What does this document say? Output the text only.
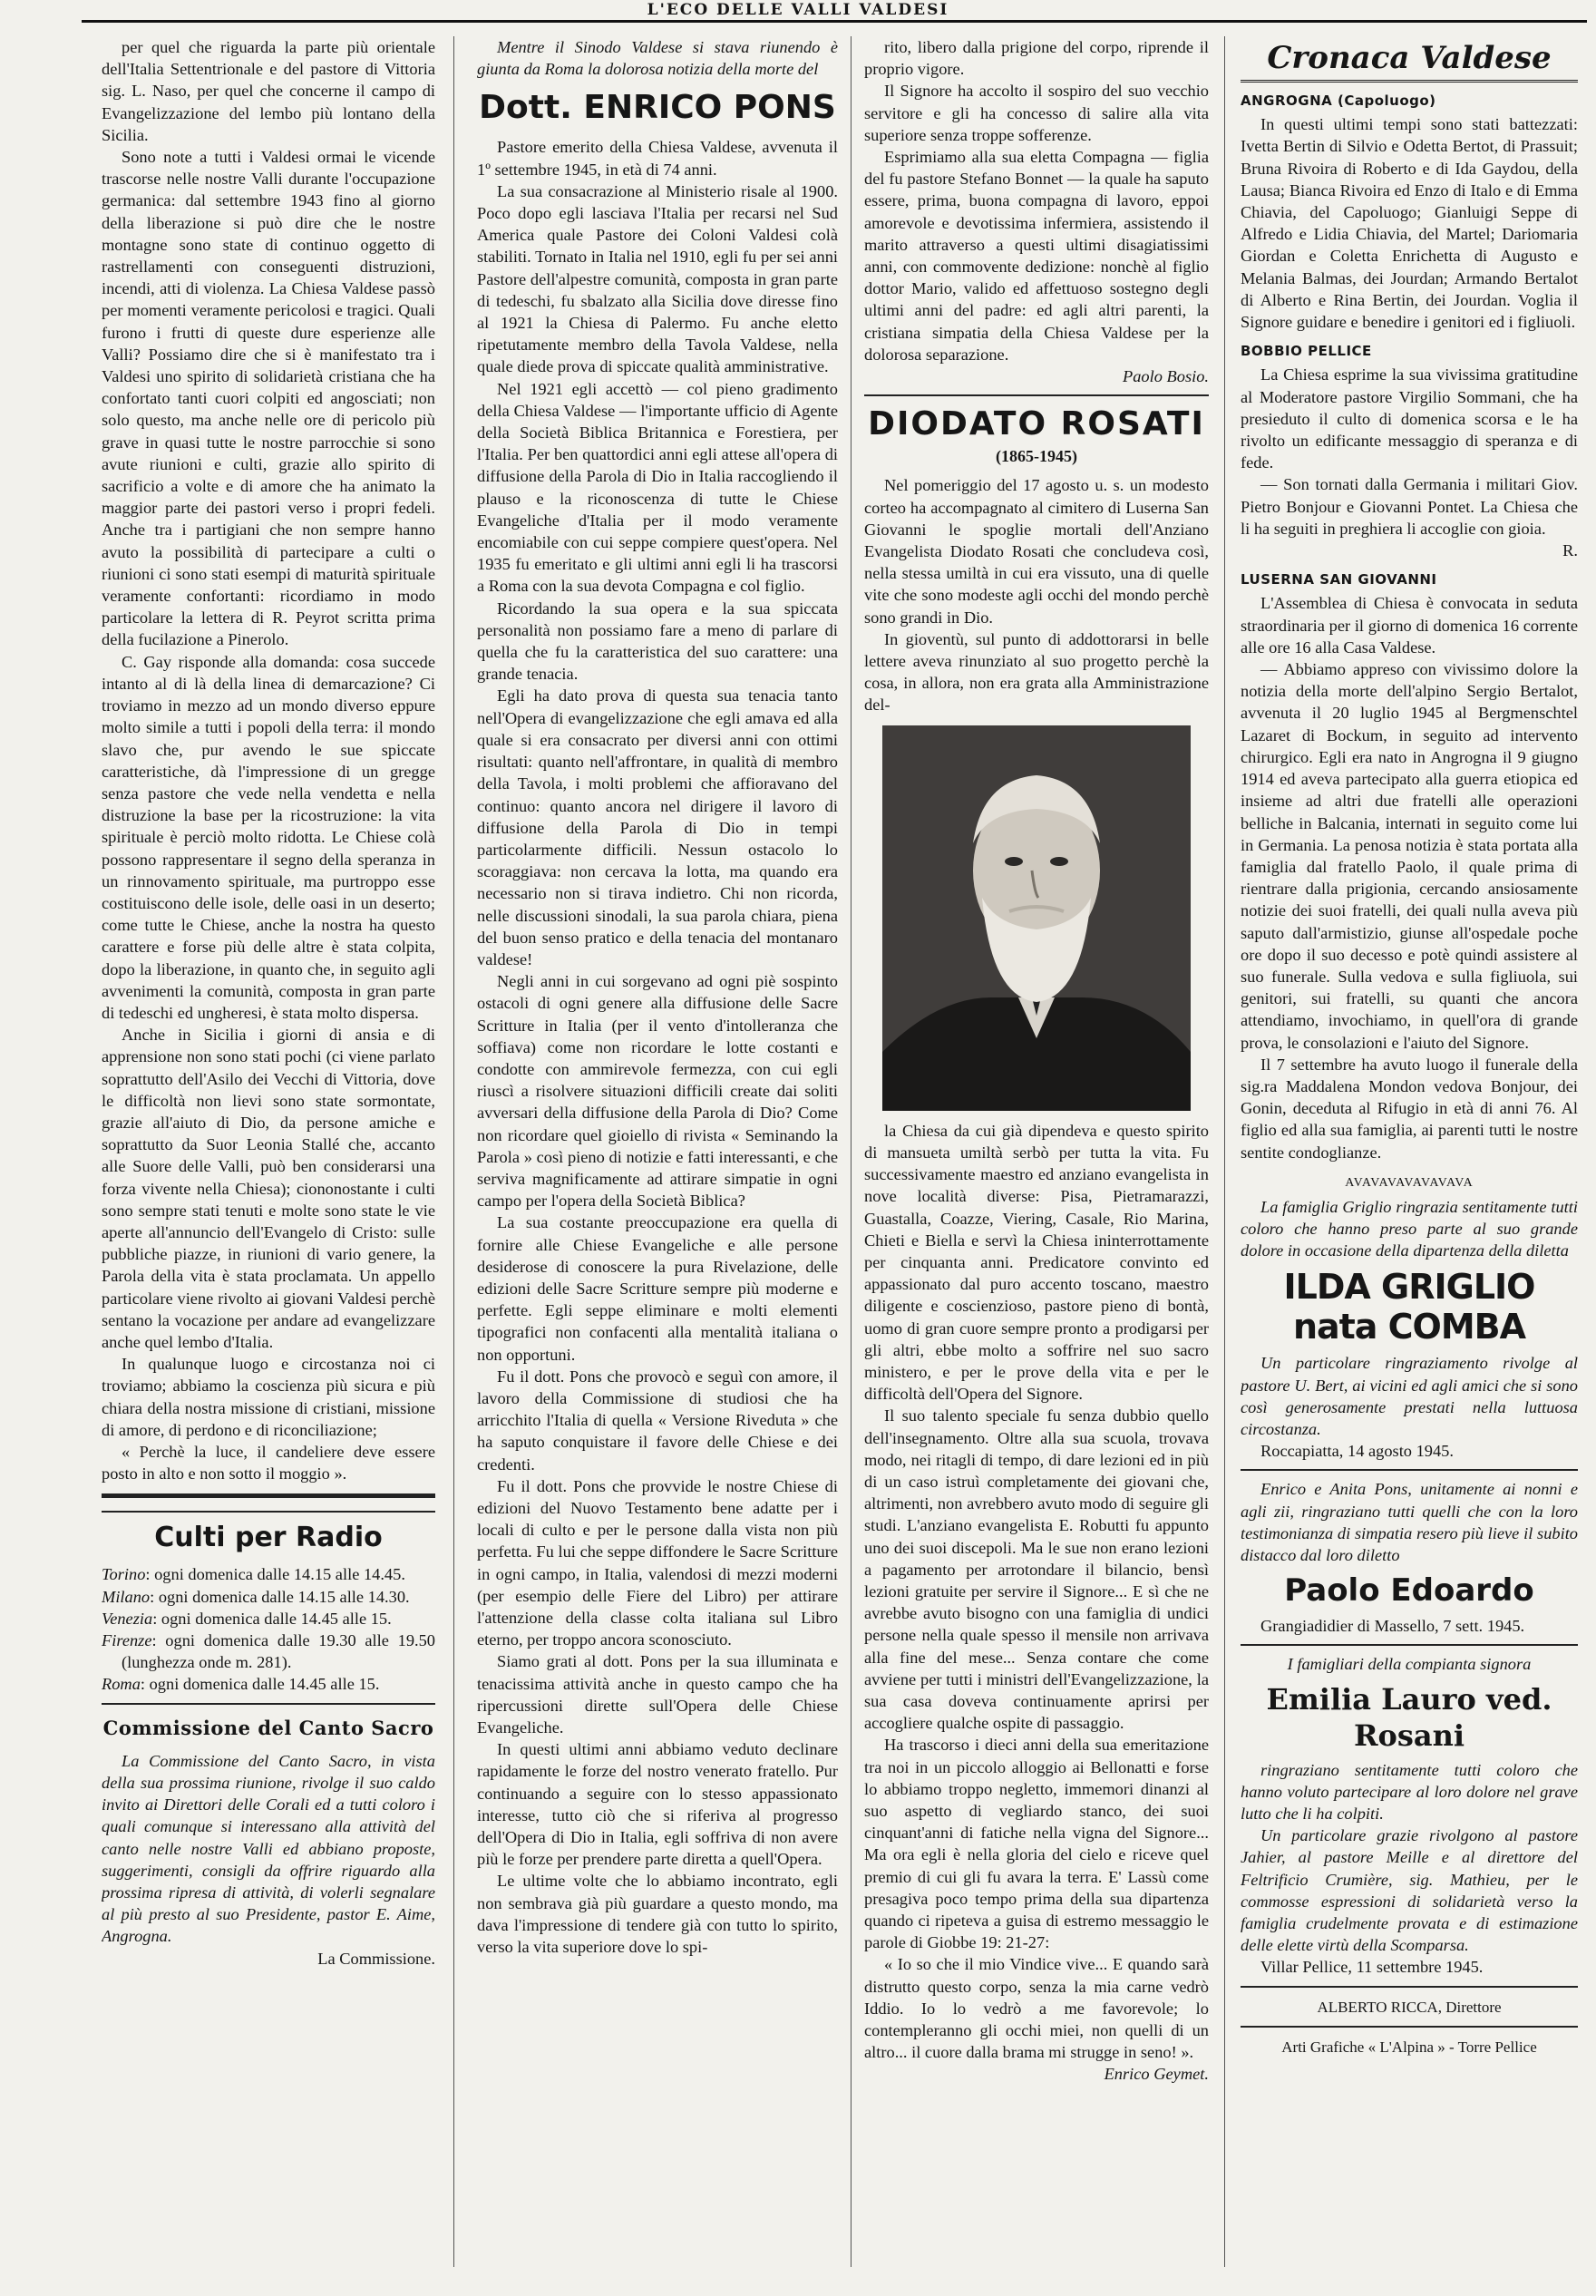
L'ECO DELLE VALLI VALDESI

per quel che riguarda la parte più orientale dell'Italia Settentrionale e del pastore di Vittoria sig. L. Naso, per quel che concerne il campo di Evangelizzazione del lembo più lontano della Sicilia.

Sono note a tutti i Valdesi ormai le vicende trascorse nelle nostre Valli durante l'occupazione germanica: dal settembre 1943 fino al giorno della liberazione si può dire che le nostre montagne sono state di continuo oggetto di rastrellamenti con conseguenti distruzioni, incendi, atti di violenza. La Chiesa Valdese passò per momenti veramente pericolosi e tragici. Quali furono i frutti di queste dure esperienze alle Valli? Possiamo dire che si è manifestato tra i Valdesi uno spirito di solidarietà cristiana che ha confortato tanti cuori colpiti ed angosciati; non solo questo, ma anche nelle ore di pericolo più grave in quasi tutte le nostre parrocchie si sono avute riunioni e culti, grazie allo spirito di sacrificio a volte e di amore che ha animato la maggior parte dei pastori verso i propri fedeli. Anche tra i partigiani che non sempre hanno avuto la possibilità di partecipare a culti o riunioni ci sono stati esempi di maturità spirituale veramente confortanti: ricordiamo in modo particolare la lettera di R. Peyrot scritta prima della fucilazione a Pinerolo.

C. Gay risponde alla domanda: cosa succede intanto al di là della linea di demarcazione? Ci troviamo in mezzo ad un mondo diverso eppure molto simile a tutti i popoli della terra: il mondo slavo che, pur avendo le sue spiccate caratteristiche, dà l'impressione di un gregge senza pastore che vede nella vendetta e nella distruzione la base per la ricostruzione: la vita spirituale è perciò molto ridotta. Le Chiese colà possono rappresentare il segno della speranza in un rinnovamento spirituale, ma purtroppo esse costituiscono delle isole, delle oasi in un deserto; come tutte le Chiese, anche la nostra ha questo carattere e forse più delle altre è stata colpita, dopo la liberazione, in quanto che, in seguito agli avvenimenti la comunità, composta in gran parte di tedeschi ed ungheresi, è stata molto dispersa.

Anche in Sicilia i giorni di ansia e di apprensione non sono stati pochi (ci viene parlato soprattutto dell'Asilo dei Vecchi di Vittoria, dove le difficoltà non lievi sono state sormontate, grazie all'aiuto di Dio, da persone amiche e soprattutto da Suor Leonia Stallé che, accanto alle Suore delle Valli, può ben considerarsi una forza vivente nella Chiesa); ciononostante i culti sono sempre stati tenuti e molte sono state le vie aperte all'annuncio dell'Evangelo di Cristo: sulle pubbliche piazze, in riunioni di vario genere, la Parola della vita è stata proclamata. Un appello particolare viene rivolto ai giovani Valdesi perchè sentano la vocazione per andare ad evangelizzare anche quel lembo d'Italia.

In qualunque luogo e circostanza noi ci troviamo; abbiamo la coscienza più sicura e più chiara della nostra missione di cristiani, missione di amore, di perdono e di riconciliazione;

« Perchè la luce, il candeliere deve essere posto in alto e non sotto il moggio ».

Culti per Radio

Torino: ogni domenica dalle 14.15 alle 14.45.

Milano: ogni domenica dalle 14.15 alle 14.30.

Venezia: ogni domenica dalle 14.45 alle 15.

Firenze: ogni domenica dalle 19.30 alle 19.50 (lunghezza onde m. 281).

Roma: ogni domenica dalle 14.45 alle 15.

Commissione del Canto Sacro

La Commissione del Canto Sacro, in vista della sua prossima riunione, rivolge il suo caldo invito ai Direttori delle Corali ed a tutti coloro i quali comunque si interessano alla attività del canto nelle nostre Valli ed abbiano proposte, suggerimenti, consigli da offrire riguardo alla prossima ripresa di attività, di volerli segnalare al più presto al suo Presidente, pastor E. Aime, Angrogna.

La Commissione.

Mentre il Sinodo Valdese si stava riunendo è giunta da Roma la dolorosa notizia della morte del

Dott. ENRICO PONS

Pastore emerito della Chiesa Valdese, avvenuta il 1º settembre 1945, in età di 74 anni.

La sua consacrazione al Ministerio risale al 1900. Poco dopo egli lasciava l'Italia per recarsi nel Sud America quale Pastore dei Coloni Valdesi colà stabiliti. Tornato in Italia nel 1910, egli fu per sei anni Pastore dell'alpestre comunità, composta in gran parte di tedeschi, fu sbalzato alla Sicilia dove diresse fino al 1921 la Chiesa di Palermo. Fu anche eletto ripetutamente membro della Tavola Valdese, nella quale diede prova di spiccate qualità amministrative.

Nel 1921 egli accettò — col pieno gradimento della Chiesa Valdese — l'importante ufficio di Agente della Società Biblica Britannica e Forestiera, per l'Italia. Per ben quattordici anni egli attese all'opera di diffusione della Parola di Dio in Italia raccogliendo il plauso e la riconoscenza di tutte le Chiese Evangeliche d'Italia per il modo veramente encomiabile con cui seppe compiere quest'opera. Nel 1935 fu emeritato e gli ultimi anni egli li ha trascorsi a Roma con la sua devota Compagna e col figlio.

Ricordando la sua opera e la sua spiccata personalità non possiamo fare a meno di parlare di quella che fu la caratteristica del suo carattere: una grande tenacia.

Egli ha dato prova di questa sua tenacia tanto nell'Opera di evangelizzazione che egli amava ed alla quale si era consacrato per diversi anni con ottimi risultati: quanto nell'affrontare, in qualità di membro della Tavola, i molti problemi che affioravano del continuo: quanto ancora nel dirigere il lavoro di diffusione della Parola di Dio in tempi particolarmente difficili. Nessun ostacolo lo scoraggiava: non cercava la lotta, ma quando era necessario non si tirava indietro. Chi non ricorda, nelle discussioni sinodali, la sua parola chiara, piena del buon senso pratico e della tenacia del montanaro valdese!

Negli anni in cui sorgevano ad ogni piè sospinto ostacoli di ogni genere alla diffusione delle Sacre Scritture in Italia (per il vento d'intolleranza che soffiava) come non ricordare le lotte costanti e condotte con ammirevole fermezza, con cui egli riuscì a risolvere situazioni difficili create dai soliti avversari della diffusione della Parola di Dio? Come non ricordare quel gioiello di rivista « Seminando la Parola » così pieno di notizie e fatti interessanti, e che serviva magnificamente ad attirare simpatie in ogni campo per l'opera della Società Biblica?

La sua costante preoccupazione era quella di fornire alle Chiese Evangeliche e alle persone desiderose di conoscere la pura Rivelazione, delle edizioni delle Sacre Scritture sempre più moderne e perfette. Egli seppe eliminare e molti elementi tipografici non confacenti alla mentalità italiana o non opportuni.

Fu il dott. Pons che provocò e seguì con amore, il lavoro della Commissione di studiosi che ha arricchito l'Italia di quella « Versione Riveduta » che ha saputo conquistare il favore delle Chiese e dei credenti.

Fu il dott. Pons che provvide le nostre Chiese di edizioni del Nuovo Testamento bene adatte per i locali di culto e per le persone dalla vista non più perfetta. Fu lui che seppe diffondere le Sacre Scritture in ogni campo, in Italia, valendosi di mezzi moderni (per esempio delle Fiere del Libro) per attirare l'attenzione della classe colta italiana sul Libro eterno, per troppo ancora sconosciuto.

Siamo grati al dott. Pons per la sua illuminata e tenacissima attività anche in questo campo che ha ripercussioni dirette sull'Opera delle Chiese Evangeliche.

In questi ultimi anni abbiamo veduto declinare rapidamente le forze del nostro venerato fratello. Pur continuando a seguire con lo stesso appassionato interesse, tutto ciò che si riferiva al progresso dell'Opera di Dio in Italia, egli soffriva di non avere più le forze per prendere parte diretta a quell'Opera.

Le ultime volte che lo abbiamo incontrato, egli non sembrava già più guardare a questo mondo, ma dava l'impressione di tendere già con tutto lo spirito, verso la vita superiore dove lo spi-

rito, libero dalla prigione del corpo, riprende il proprio vigore.

Il Signore ha accolto il sospiro del suo vecchio servitore e gli ha concesso di salire alla vita superiore senza troppe sofferenze.

Esprimiamo alla sua eletta Compagna — figlia del fu pastore Stefano Bonnet — la quale ha saputo essere, prima, buona compagna di lavoro, eppoi amorevole e devotissima infermiera, assistendo il marito attraverso a questi ultimi disagiatissimi anni, con commovente dedizione: nonchè al figlio dottor Mario, valido ed affettuoso sostegno degli ultimi anni del padre: ed agli altri parenti, la cristiana simpatia della Chiesa Valdese per la dolorosa separazione.

Paolo Bosio.

DIODATO ROSATI

(1865-1945)

Nel pomeriggio del 17 agosto u. s. un modesto corteo ha accompagnato al cimitero di Luserna San Giovanni le spoglie mortali dell'Anziano Evangelista Diodato Rosati che concludeva così, nella stessa umiltà in cui era vissuto, una di quelle vite che sono modeste agli occhi del mondo perchè sono grandi in Dio.

In gioventù, sul punto di addottorarsi in belle lettere aveva rinunziato al suo progetto perchè la cosa, in allora, non era grata alla Amministrazione del-

la Chiesa da cui già dipendeva e questo spirito di mansueta umiltà serbò per tutta la vita. Fu successivamente maestro ed anziano evangelista in nove località diverse: Pisa, Pietramarazzi, Guastalla, Coazze, Viering, Casale, Rio Marina, Chieti e Biella e servì la Chiesa ininterrottamente per cinquanta anni. Predicatore convinto ed appassionato dal puro accento toscano, maestro diligente e coscienzioso, pastore pieno di bontà, uomo di gran cuore sempre pronto a prodigarsi per gli altri, ebbe molto a soffrire nel suo sacro ministero, e per le prove della vita e per le difficoltà dell'Opera del Signore.

Il suo talento speciale fu senza dubbio quello dell'insegnamento. Oltre alla sua scuola, trovava modo, nei ritagli di tempo, di dare lezioni ed in più di un caso istruì completamente dei giovani che, altrimenti, non avrebbero avuto modo di seguire gli studi. L'anziano evangelista E. Robutti fu appunto uno dei suoi discepoli. Ma le sue non erano lezioni a pagamento per arrotondare il bilancio, bensì lezioni gratuite per servire il Signore... E sì che ne avrebbe avuto bisogno con una famiglia di undici persone nella quale spesso il mensile non arrivava alla fine del mese... Senza contare che come avviene per tutti i ministri dell'Evangelizzazione, la sua casa doveva continuamente aprirsi per accogliere qualche ospite di passaggio.

Ha trascorso i dieci anni della sua emeritazione tra noi in un piccolo alloggio ai Bellonatti e forse lo abbiamo troppo negletto, immemori dinanzi al suo aspetto di vegliardo stanco, dei suoi cinquant'anni di fatiche nella vigna del Signore... Ma ora egli è nella gloria del cielo e riceve quel premio di cui gli fu avara la terra. E' Lassù come presagiva poco tempo prima della sua dipartenza quando ci ripeteva a guisa di estremo messaggio le parole di Giobbe 19: 21-27:

« Io so che il mio Vindice vive... E quando sarà distrutto questo corpo, senza la mia carne vedrò Iddio. Io lo vedrò a me favorevole; lo contempleranno gli occhi miei, non quelli di un altro... il cuore dalla brama mi strugge in seno! ».

Enrico Geymet.

Cronaca Valdese

ANGROGNA (Capoluogo)

In questi ultimi tempi sono stati battezzati: Ivetta Bertin di Silvio e Odetta Bertot, di Prassuit; Bruna Rivoira di Roberto e di Ida Gaydou, della Lausa; Bianca Rivoira ed Enzo di Italo e di Emma Chiavia, del Capoluogo; Gianluigi Seppe di Alfredo e Lidia Chiavia, del Martel; Dariomaria Giordan e Coletta Enrichetta di Augusto e Melania Balmas, dei Jourdan; Armando Bertalot di Alberto e Rina Bertin, dei Jourdan. Voglia il Signore guidare e benedire i genitori ed i figliuoli.

BOBBIO PELLICE

La Chiesa esprime la sua vivissima gratitudine al Moderatore pastore Virgilio Sommani, che ha presieduto il culto di domenica scorsa e le ha rivolto un edificante messaggio di speranza e di fede.

— Son tornati dalla Germania i militari Giov. Pietro Bonjour e Giovanni Pontet. La Chiesa che li ha seguiti in preghiera li accoglie con gioia.

R.

LUSERNA SAN GIOVANNI

L'Assemblea di Chiesa è convocata in seduta straordinaria per il giorno di domenica 16 corrente alle ore 16 alla Casa Valdese.

— Abbiamo appreso con vivissimo dolore la notizia della morte dell'alpino Sergio Bertalot, avvenuta il 20 luglio 1945 al Bergmenschtel Lazaret di Bockum, in seguito ad intervento chirurgico. Egli era nato in Angrogna il 9 giugno 1914 ed aveva partecipato alla guerra etiopica ed insieme ad altri due fratelli alle operazioni belliche in Balcania, internati in seguito come lui in Germania. La penosa notizia è stata portata alla famiglia dal fratello Paolo, il quale prima di rientrare dalla prigionia, cercando ansiosamente notizie dei suoi fratelli, dei quali nulla aveva più saputo dall'armistizio, giunse all'ospedale poche ore dopo il suo decesso e potè quindi assistere al suo funerale. Sulla vedova e sulla figliuola, sui genitori, sui fratelli, su quanti che ancora attendiamo, invochiamo, in quell'ora di grande prova, le consolazioni e l'aiuto del Signore.

Il 7 settembre ha avuto luogo il funerale della sig.ra Maddalena Mondon vedova Bonjour, dei Gonin, deceduta al Rifugio in età di anni 76. Al figlio ed alla sua famiglia, ai parenti tutti le nostre sentite condoglianze.

AVAVAVAVAVAVAVA

La famiglia Griglio ringrazia sentitamente tutti coloro che hanno preso parte al suo grande dolore in occasione della dipartenza della diletta

ILDA GRIGLIO nata COMBA

Un particolare ringraziamento rivolge al pastore U. Bert, ai vicini ed agli amici che si sono così generosamente prestati nella luttuosa circostanza.

Roccapiatta, 14 agosto 1945.

Enrico e Anita Pons, unitamente ai nonni e agli zii, ringraziano tutti quelli che con la loro testimonianza di simpatia resero più lieve il subito distacco dal loro diletto

Paolo Edoardo

Grangiadidier di Massello, 7 sett. 1945.

I famigliari della compianta signora

Emilia Lauro ved. Rosani

ringraziano sentitamente tutti coloro che hanno voluto partecipare al loro dolore nel grave lutto che li ha colpiti.

Un particolare grazie rivolgono al pastore Jahier, al pastore Meille e al direttore del Feltrificio Crumière, sig. Mathieu, per le commosse espressioni di solidarietà verso la famiglia crudelmente provata e di estimazione delle elette virtù della Scomparsa.

Villar Pellice, 11 settembre 1945.

ALBERTO RICCA, Direttore

Arti Grafiche « L'Alpina » - Torre Pellice
